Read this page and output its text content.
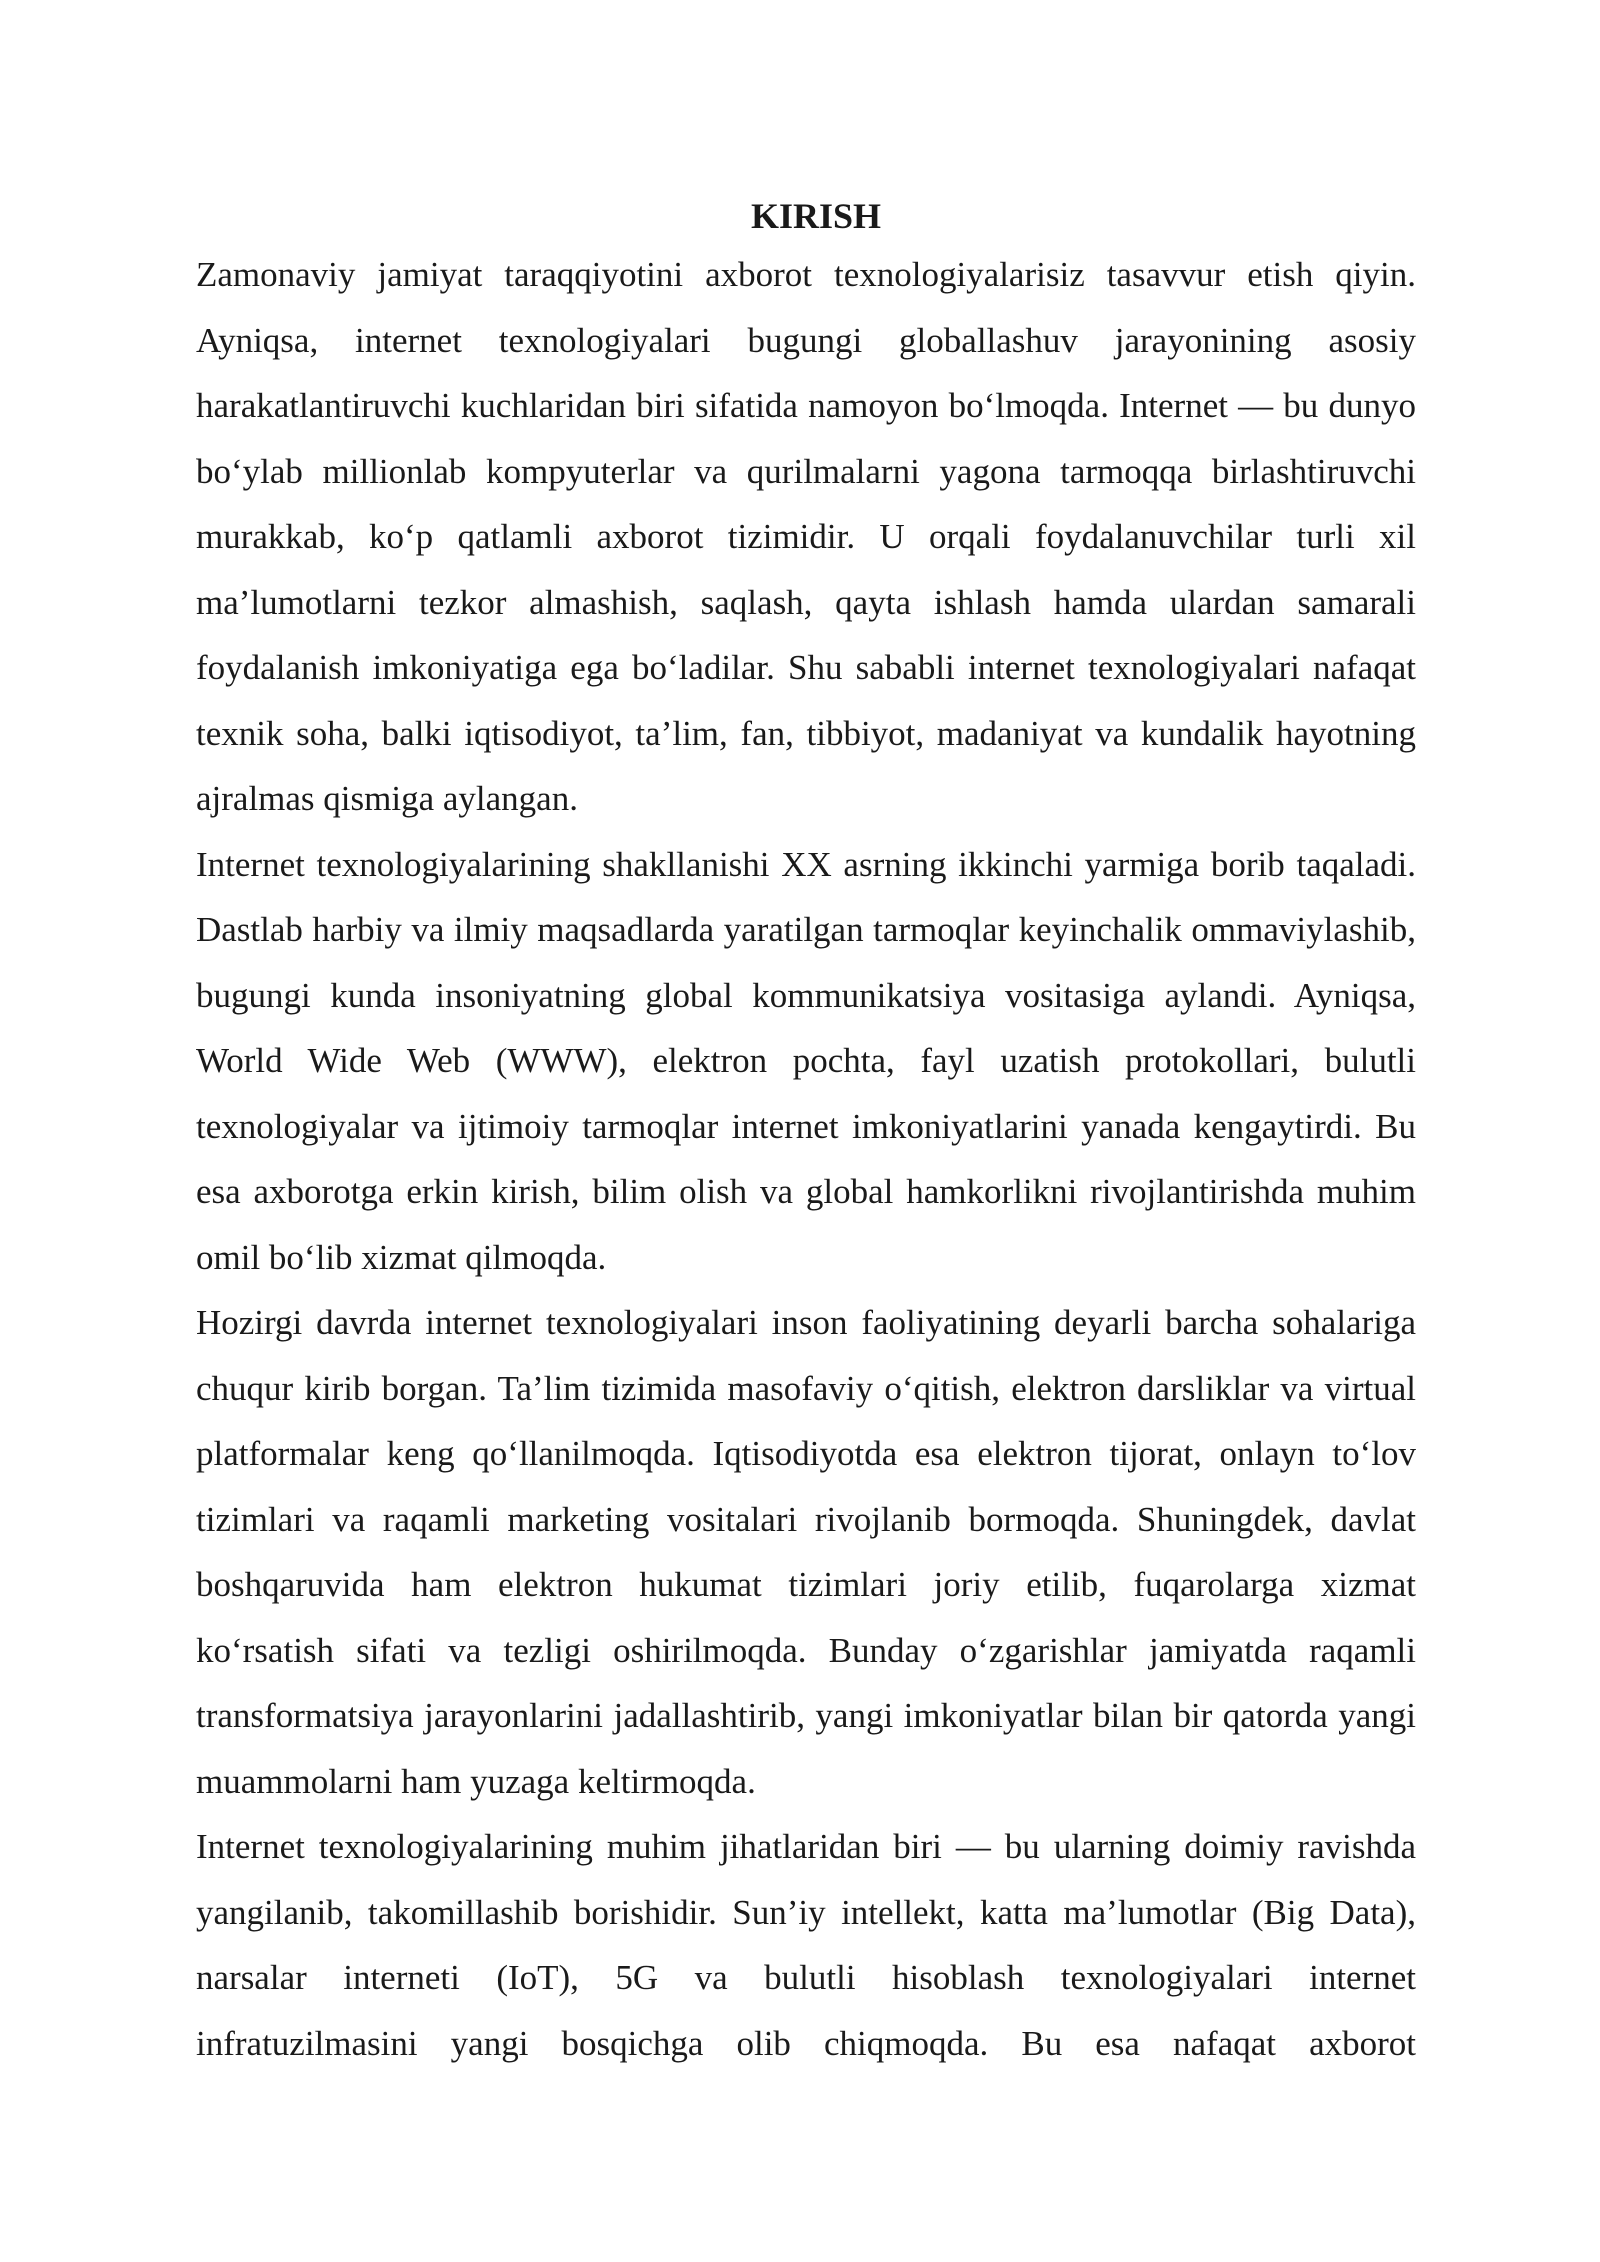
KIRISH

Zamonaviy jamiyat taraqqiyotini axborot texnologiyalarisiz tasavvur etish qiyin. Ayniqsa, internet texnologiyalari bugungi globallashuv jarayonining asosiy harakatlantiruvchi kuchlaridan biri sifatida namoyon bo‘lmoqda. Internet — bu dunyo bo‘ylab millionlab kompyuterlar va qurilmalarni yagona tarmoqqa birlashtiruvchi murakkab, ko‘p qatlamli axborot tizimidir. U orqali foydalanuvchilar turli xil ma’lumotlarni tezkor almashish, saqlash, qayta ishlash hamda ulardan samarali foydalanish imkoniyatiga ega bo‘ladilar. Shu sababli internet texnologiyalari nafaqat texnik soha, balki iqtisodiyot, ta’lim, fan, tibbiyot, madaniyat va kundalik hayotning ajralmas qismiga aylangan.

Internet texnologiyalarining shakllanishi XX asrning ikkinchi yarmiga borib taqaladi. Dastlab harbiy va ilmiy maqsadlarda yaratilgan tarmoqlar keyinchalik ommaviylashib, bugungi kunda insoniyatning global kommunikatsiya vositasiga aylandi. Ayniqsa, World Wide Web (WWW), elektron pochta, fayl uzatish protokollari, bulutli texnologiyalar va ijtimoiy tarmoqlar internet imkoniyatlarini yanada kengaytirdi. Bu esa axborotga erkin kirish, bilim olish va global hamkorlikni rivojlantirishda muhim omil bo‘lib xizmat qilmoqda.

Hozirgi davrda internet texnologiyalari inson faoliyatining deyarli barcha sohalariga chuqur kirib borgan. Ta’lim tizimida masofaviy o‘qitish, elektron darsliklar va virtual platformalar keng qo‘llanilmoqda. Iqtisodiyotda esa elektron tijorat, onlayn to‘lov tizimlari va raqamli marketing vositalari rivojlanib bormoqda. Shuningdek, davlat boshqaruvida ham elektron hukumat tizimlari joriy etilib, fuqarolarga xizmat ko‘rsatish sifati va tezligi oshirilmoqda. Bunday o‘zgarishlar jamiyatda raqamli transformatsiya jarayonlarini jadallashtirib, yangi imkoniyatlar bilan bir qatorda yangi muammolarni ham yuzaga keltirmoqda.

Internet texnologiyalarining muhim jihatlaridan biri — bu ularning doimiy ravishda yangilanib, takomillashib borishidir. Sun’iy intellekt, katta ma’lumotlar (Big Data), narsalar interneti (IoT), 5G va bulutli hisoblash texnologiyalari internet infratuzilmasini yangi bosqichga olib chiqmoqda. Bu esa nafaqat axborot
